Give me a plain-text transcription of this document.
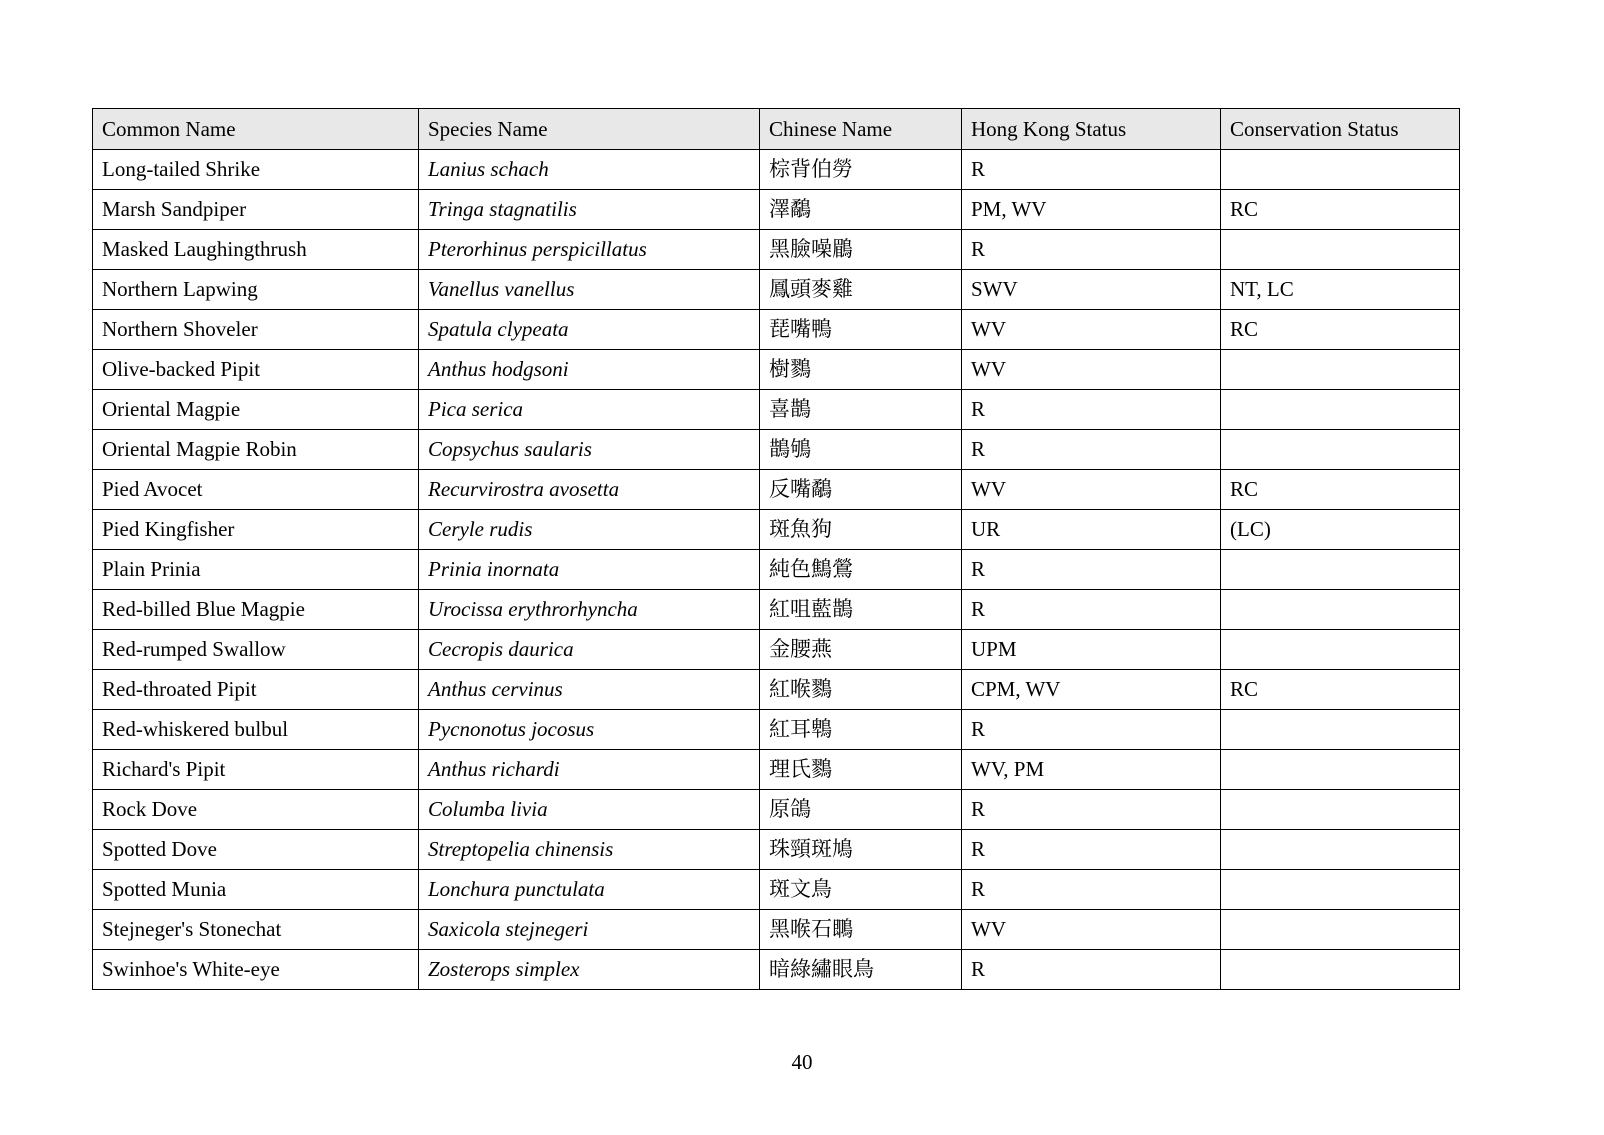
Common Name	Species Name	Chinese Name	Hong Kong Status	Conservation Status
Long-tailed Shrike	Lanius schach	棕背伯勞	R	
Marsh Sandpiper	Tringa stagnatilis	澤鷸	PM, WV	RC
Masked Laughingthrush	Pterorhinus perspicillatus	黑臉噪鶥	R	
Northern Lapwing	Vanellus vanellus	鳳頭麥雞	SWV	NT, LC
Northern Shoveler	Spatula clypeata	琵嘴鴨	WV	RC
Olive-backed Pipit	Anthus hodgsoni	樹鷚	WV	
Oriental Magpie	Pica serica	喜鵲	R	
Oriental Magpie Robin	Copsychus saularis	鵲鴝	R	
Pied Avocet	Recurvirostra avosetta	反嘴鷸	WV	RC
Pied Kingfisher	Ceryle rudis	斑魚狗	UR	(LC)
Plain Prinia	Prinia inornata	純色鷦鶯	R	
Red-billed Blue Magpie	Urocissa erythrorhyncha	紅咀藍鵲	R	
Red-rumped Swallow	Cecropis daurica	金腰燕	UPM	
Red-throated Pipit	Anthus cervinus	紅喉鷚	CPM, WV	RC
Red-whiskered bulbul	Pycnonotus jocosus	紅耳鵯	R	
Richard's Pipit	Anthus richardi	理氏鷚	WV, PM	
Rock Dove	Columba livia	原鴿	R	
Spotted Dove	Streptopelia chinensis	珠頸斑鳩	R	
Spotted Munia	Lonchura punctulata	斑文鳥	R	
Stejneger's Stonechat	Saxicola stejnegeri	黑喉石䳭	WV	
Swinhoe's White-eye	Zosterops simplex	暗綠繡眼鳥	R	
40
